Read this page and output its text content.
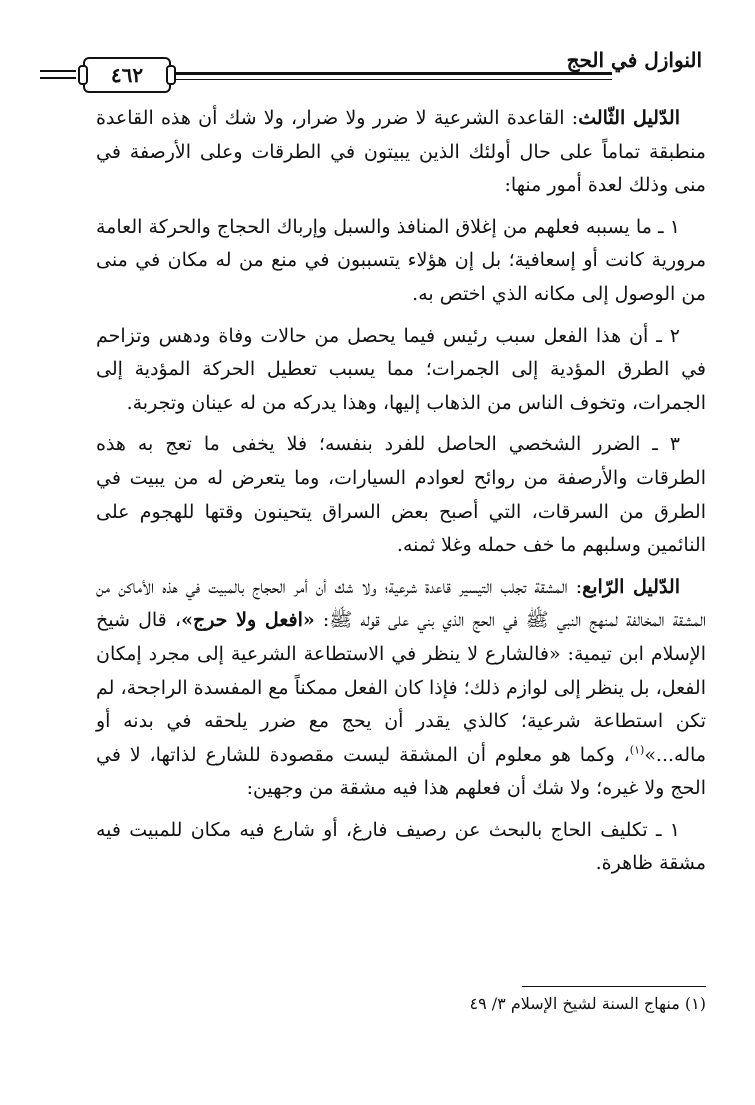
النوازل في الحج
٤٦٢

الدّليل الثّالث: القاعدة الشرعية لا ضرر ولا ضرار، ولا شك أن هذه القاعدة منطبقة تماماً على حال أولئك الذين يبيتون في الطرقات وعلى الأرصفة في منى وذلك لعدة أمور منها:

١ ـ ما يسببه فعلهم من إغلاق المنافذ والسبل وإرباك الحجاج والحركة العامة مرورية كانت أو إسعافية؛ بل إن هؤلاء يتسببون في منع من له مكان في منى من الوصول إلى مكانه الذي اختص به.

٢ ـ أن هذا الفعل سبب رئيس فيما يحصل من حالات وفاة ودهس وتزاحم في الطرق المؤدية إلى الجمرات؛ مما يسبب تعطيل الحركة المؤدية إلى الجمرات، وتخوف الناس من الذهاب إليها، وهذا يدركه من له عينان وتجربة.

٣ ـ الضرر الشخصي الحاصل للفرد بنفسه؛ فلا يخفى ما تعج به هذه الطرقات والأرصفة من روائح لعوادم السيارات، وما يتعرض له من يبيت في الطرق من السرقات، التي أصبح بعض السراق يتحينون وقتها للهجوم على النائمين وسلبهم ما خف حمله وغلا ثمنه.

الدّليل الرّابع: المشقة تجلب التيسير قاعدة شرعية؛ ولا شك أن أمر الحجاج بالمبيت في هذه الأماكن من المشقة المخالفة لمنهج النبي ﷺ في الحج الذي بني على قوله ﷺ: «افعل ولا حرج»، قال شيخ الإسلام ابن تيمية: «فالشارع لا ينظر في الاستطاعة الشرعية إلى مجرد إمكان الفعل، بل ينظر إلى لوازم ذلك؛ فإذا كان الفعل ممكناً مع المفسدة الراجحة، لم تكن استطاعة شرعية؛ كالذي يقدر أن يحج مع ضرر يلحقه في بدنه أو ماله...»$^{(١)}$، وكما هو معلوم أن المشقة ليست مقصودة للشارع لذاتها، لا في الحج ولا غيره؛ ولا شك أن فعلهم هذا فيه مشقة من وجهين:

١ ـ تكليف الحاج بالبحث عن رصيف فارغ، أو شارع فيه مكان للمبيت فيه مشقة ظاهرة.

(١) منهاج السنة لشيخ الإسلام ٣/ ٤٩
